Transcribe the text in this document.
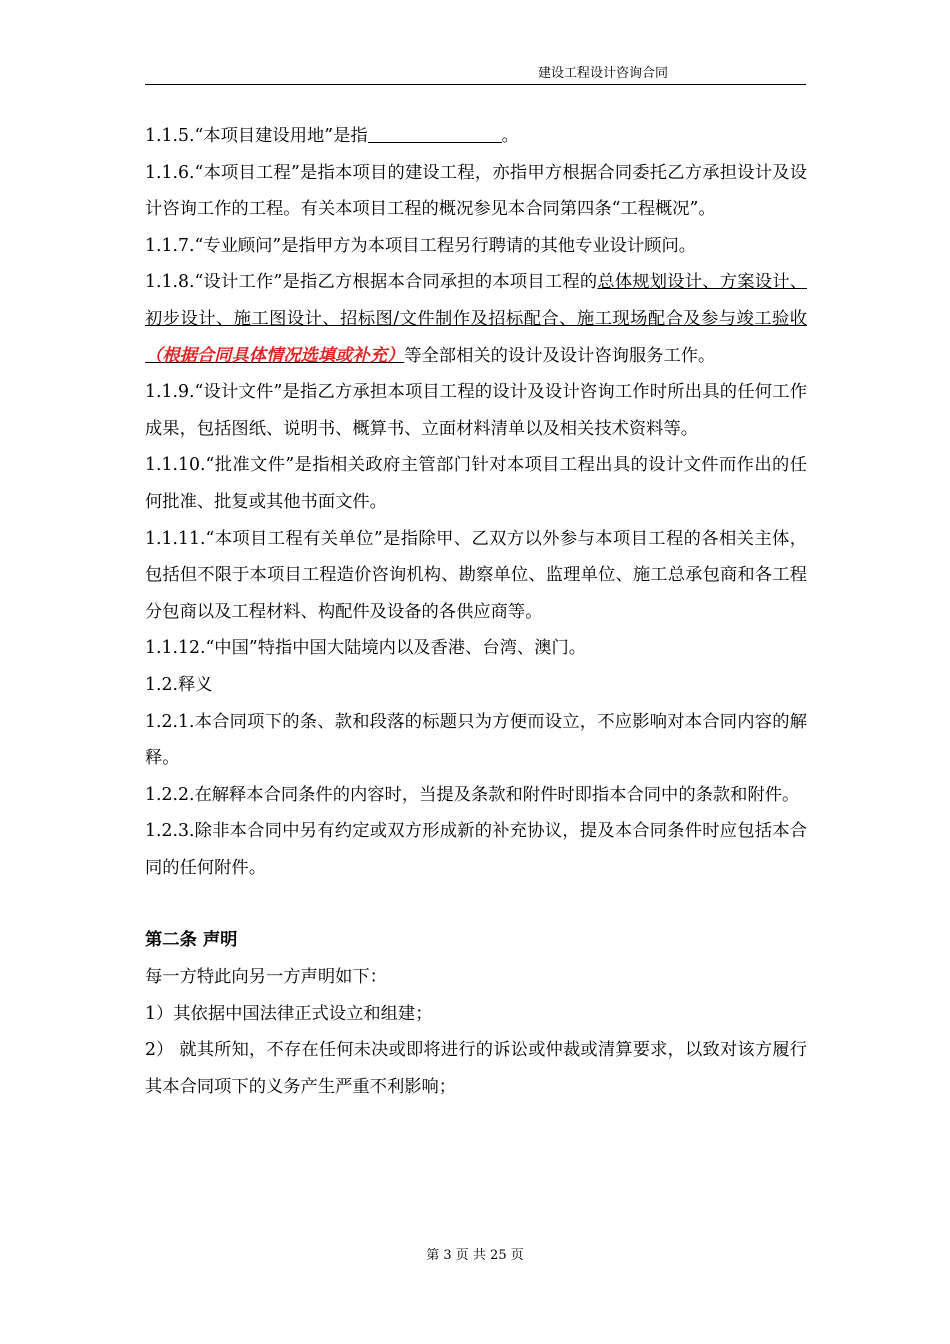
建设工程设计咨询合同

1.1.5.“本项目建设用地”是指	。

1.1.6.“本项目工程”是指本项目的建设工程，亦指甲方根据合同委托乙方承担设计及设计咨询工作的工程。有关本项目工程的概况参见本合同第四条“工程概况”。

1.1.7.“专业顾问”是指甲方为本项目工程另行聘请的其他专业设计顾问。

1.1.8.“设计工作”是指乙方根据本合同承担的本项目工程的总体规划设计、方案设计、初步设计、施工图设计、招标图/文件制作及招标配合、施工现场配合及参与竣工验收（根据合同具体情况选填或补充）等全部相关的设计及设计咨询服务工作。

1.1.9.“设计文件”是指乙方承担本项目工程的设计及设计咨询工作时所出具的任何工作成果，包括图纸、说明书、概算书、立面材料清单以及相关技术资料等。

1.1.10.“批准文件”是指相关政府主管部门针对本项目工程出具的设计文件而作出的任何批准、批复或其他书面文件。

1.1.11.“本项目工程有关单位”是指除甲、乙双方以外参与本项目工程的各相关主体，包括但不限于本项目工程造价咨询机构、勘察单位、监理单位、施工总承包商和各工程分包商以及工程材料、构配件及设备的各供应商等。

1.1.12.“中国”特指中国大陆境内以及香港、台湾、澳门。

1.2.释义

1.2.1.本合同项下的条、款和段落的标题只为方便而设立，不应影响对本合同内容的解释。

1.2.2.在解释本合同条件的内容时，当提及条款和附件时即指本合同中的条款和附件。

1.2.3.除非本合同中另有约定或双方形成新的补充协议，提及本合同条件时应包括本合同的任何附件。

第二条 声明

每一方特此向另一方声明如下：

1）其依据中国法律正式设立和组建；

2） 就其所知，不存在任何未决或即将进行的诉讼或仲裁或清算要求，以致对该方履行其本合同项下的义务产生严重不利影响；

第 3 页 共 25 页
